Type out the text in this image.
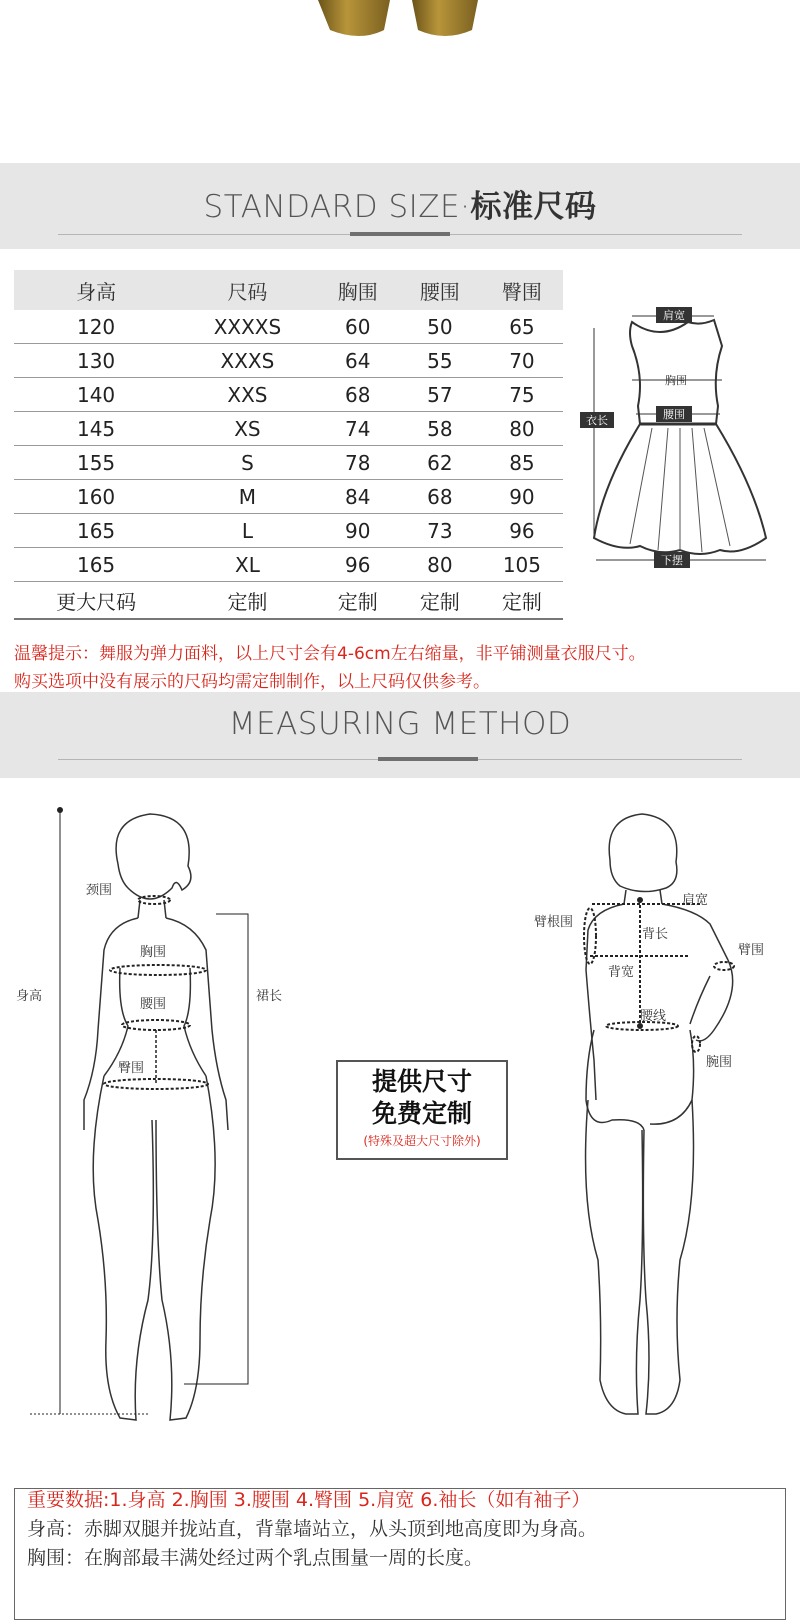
STANDARD SIZE·标准尺码
身高	尺码	胸围	腰围	臀围
120	XXXXS	60	50	65
130	XXXS	64	55	70
140	XXS	68	57	75
145	XS	74	58	80
155	S	78	62	85
160	M	84	68	90
165	L	90	73	96
165	XL	96	80	105
更大尺码	定制	定制	定制	定制
肩宽
胸围
腰围
衣长
下摆
温馨提示：舞服为弹力面料，以上尺寸会有4-6cm左右缩量，非平铺测量衣服尺寸。
购买选项中没有展示的尺码均需定制制作，以上尺码仅供参考。
MEASURING METHOD
身高
颈围
胸围
腰围
臀围
裙长
提供尺寸
免费定制
(特殊及超大尺寸除外)
肩宽
臂根围
背长
臂围
背宽
腰线
腕围
重要数据:1.身高 2.胸围 3.腰围 4.臀围 5.肩宽 6.袖长（如有袖子）
身高：赤脚双腿并拢站直，背靠墙站立，从头顶到地高度即为身高。
胸围：在胸部最丰满处经过两个乳点围量一周的长度。
